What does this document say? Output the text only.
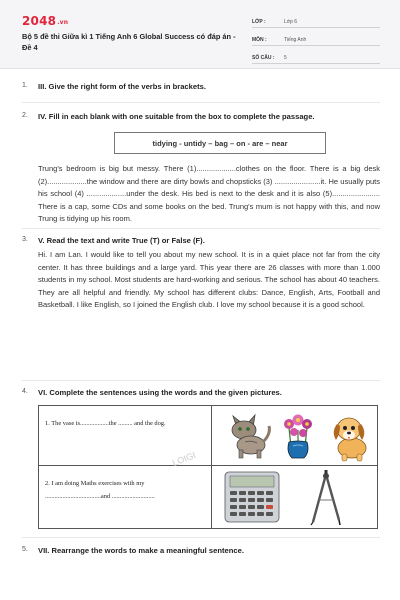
2048.vn
Bộ 5 đề thi Giữa kì 1 Tiếng Anh 6 Global Success có đáp án - Đề 4
LỚP :	Lớp 6
MÔN :	Tiếng Anh
SỐ CÂU :	5
1. III. Give the right form of the verbs in brackets.
2. IV. Fill in each blank with one suitable from the box to complete the passage.
tidying - untidy – bag – on - are – near

Trung's bedroom is big but messy. There (1)...................clothes on the floor. There is a big desk (2)...................the window and there are dirty bowls and chopsticks (3) ......................it. He usually puts his school (4) ...................under the desk. His bed is next to the desk and it is also (5)....................... There is a cap, some CDs and some books on the bed. Trung's mum is not happy with this, and now Trung is tidying up his room.

3. V. Read the text and write True (T) or False (F).

Hi. I am Lan. I would like to tell you about my new school. It is in a quiet place not far from the city center. It has three buildings and a large yard. This year there are 26 classes with more than 1.000 students in my school. Most students are hard-working and serious. The school has about 40 teachers. They are all helpful and friendly. My school has different clubs: Dance, English, Arts, Football and Basketball. I like English, so I joined the English club. I love my school because it is a good school.

4. VI. Complete the sentences using the words and the given pictures.
1. The vase is..................the ......... and the dog.
2. I am doing Maths exercises with my
...................................and ...........................
LOIGI
5. VII. Rearrange the words to make a meaningful sentence.
